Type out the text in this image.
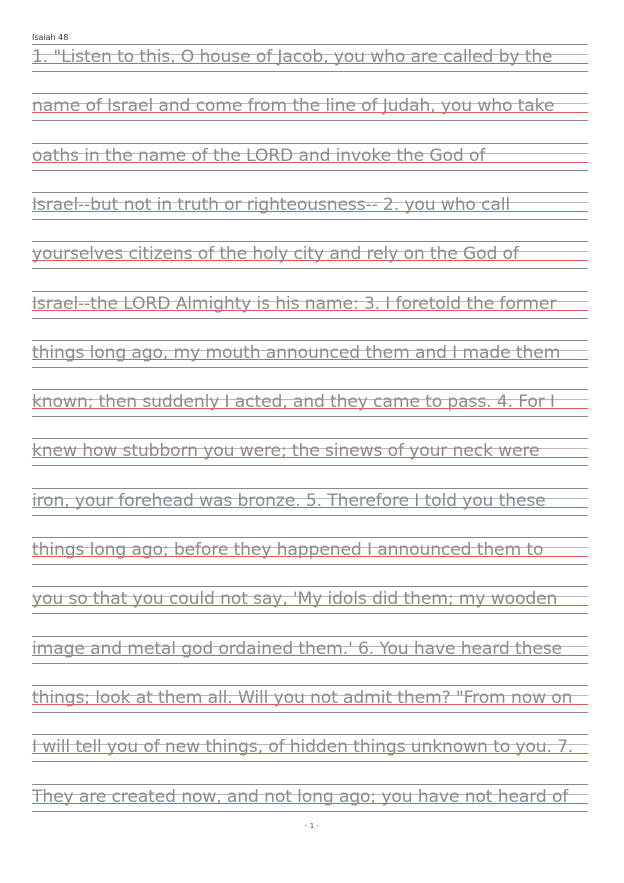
Isaiah 48
1. "Listen to this, O house of Jacob, you who are called by the
name of Israel and come from the line of Judah, you who take
oaths in the name of the LORD and invoke the God of
Israel--but not in truth or righteousness-- 2. you who call
yourselves citizens of the holy city and rely on the God of
Israel--the LORD Almighty is his name: 3. I foretold the former
things long ago, my mouth announced them and I made them
known; then suddenly I acted, and they came to pass. 4. For I
knew how stubborn you were; the sinews of your neck were
iron, your forehead was bronze. 5. Therefore I told you these
things long ago; before they happened I announced them to
you so that you could not say, 'My idols did them; my wooden
image and metal god ordained them.' 6. You have heard these
things; look at them all. Will you not admit them? "From now on
I will tell you of new things, of hidden things unknown to you. 7.
They are created now, and not long ago; you have not heard of
- 1 -
